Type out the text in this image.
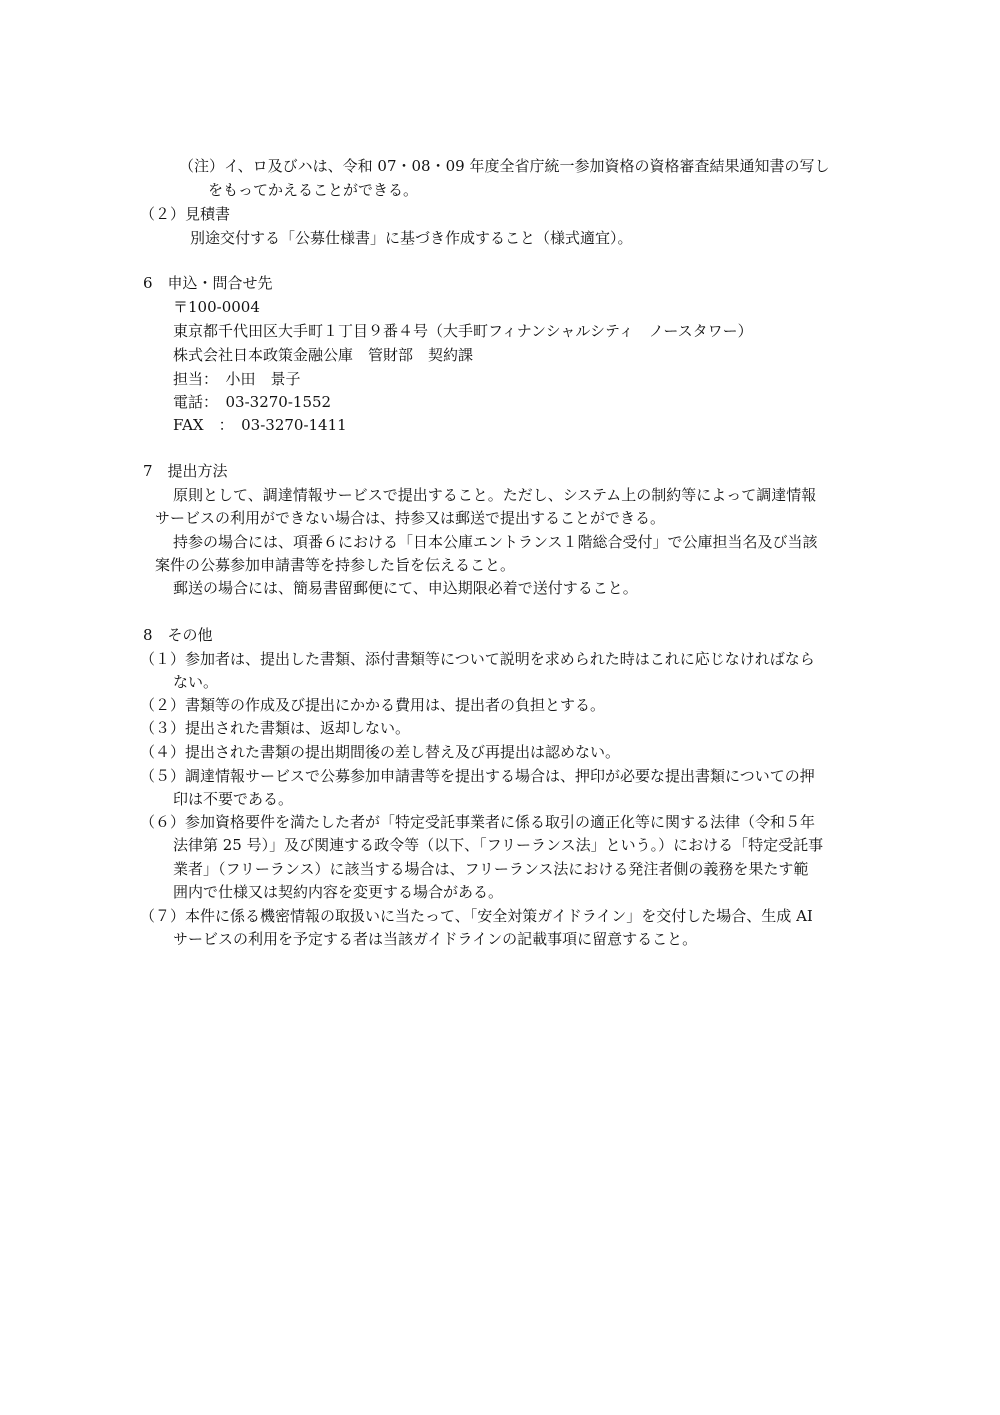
（注）イ、ロ及びハは、令和 07・08・09 年度全省庁統一参加資格の資格審査結果通知書の写し
をもってかえることができる。
（２）見積書
別途交付する「公募仕様書」に基づき作成すること（様式適宜）。
6　申込・問合せ先
〒100-0004
東京都千代田区大手町１丁目９番４号（大手町フィナンシャルシティ　ノースタワー）
株式会社日本政策金融公庫　管財部　契約課
担当：　小田　景子
電話：　03-3270-1552
FAX　：　03-3270-1411
7　提出方法
原則として、調達情報サービスで提出すること。ただし、システム上の制約等によって調達情報
サービスの利用ができない場合は、持参又は郵送で提出することができる。
持参の場合には、項番６における「日本公庫エントランス１階総合受付」で公庫担当名及び当該
案件の公募参加申請書等を持参した旨を伝えること。
郵送の場合には、簡易書留郵便にて、申込期限必着で送付すること。
8　その他
（１）参加者は、提出した書類、添付書類等について説明を求められた時はこれに応じなければなら
ない。
（２）書類等の作成及び提出にかかる費用は、提出者の負担とする。
（３）提出された書類は、返却しない。
（４）提出された書類の提出期間後の差し替え及び再提出は認めない。
（５）調達情報サービスで公募参加申請書等を提出する場合は、押印が必要な提出書類についての押
印は不要である。
（６）参加資格要件を満たした者が「特定受託事業者に係る取引の適正化等に関する法律（令和５年
法律第 25 号）」及び関連する政令等（以下、「フリーランス法」という。）における「特定受託事
業者」（フリーランス）に該当する場合は、フリーランス法における発注者側の義務を果たす範
囲内で仕様又は契約内容を変更する場合がある。
（７）本件に係る機密情報の取扱いに当たって、「安全対策ガイドライン」を交付した場合、生成 AI
サービスの利用を予定する者は当該ガイドラインの記載事項に留意すること。
